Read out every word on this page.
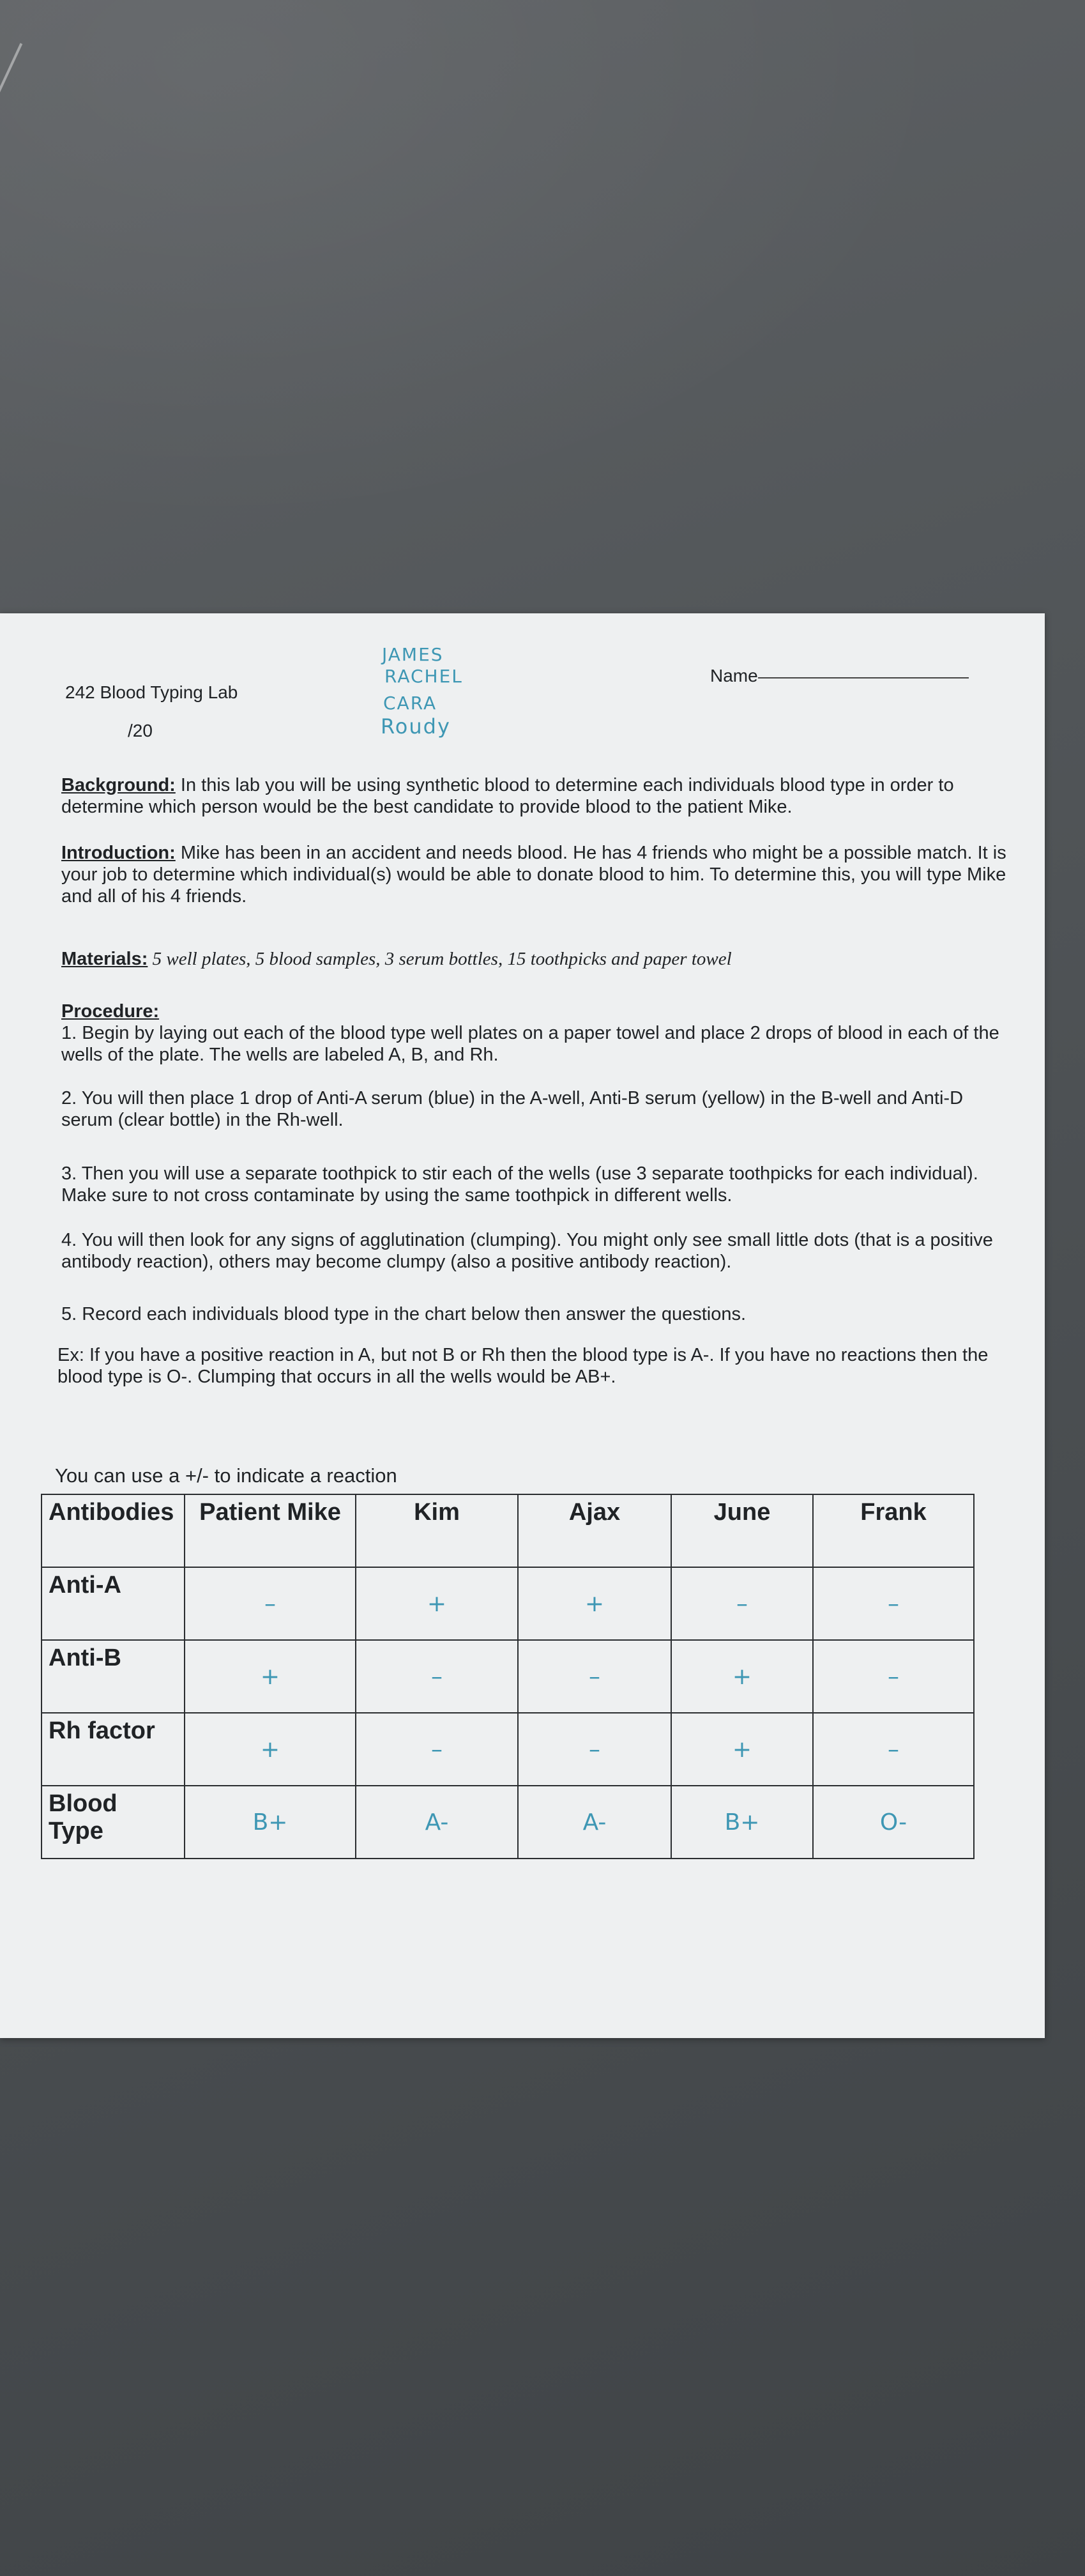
242 Blood Typing Lab

/20

Name

JAMES

RACHEL

CARA

Roudy

Background: In this lab you will be using synthetic blood to determine each individuals blood type in order to determine which person would be the best candidate to provide blood to the patient Mike.

Introduction: Mike has been in an accident and needs blood. He has 4 friends who might be a possible match. It is your job to determine which individual(s) would be able to donate blood to him. To determine this, you will type Mike and all of his 4 friends.

Materials: 5 well plates, 5 blood samples, 3 serum bottles, 15 toothpicks and paper towel

Procedure:

1. Begin by laying out each of the blood type well plates on a paper towel and place 2 drops of blood in each of the wells of the plate. The wells are labeled A, B, and Rh.

2. You will then place 1 drop of Anti-A serum (blue) in the A-well, Anti-B serum (yellow) in the B-well and Anti-D serum (clear bottle) in the Rh-well.

3. Then you will use a separate toothpick to stir each of the wells (use 3 separate toothpicks for each individual). Make sure to not cross contaminate by using the same toothpick in different wells.

4. You will then look for any signs of agglutination (clumping). You might only see small little dots (that is a positive antibody reaction), others may become clumpy (also a positive antibody reaction).

5. Record each individuals blood type in the chart below then answer the questions.

Ex: If you have a positive reaction in A, but not B or Rh then the blood type is A-. If you have no reactions then the blood type is O-. Clumping that occurs in all the wells would be AB+.

You can use a +/- to indicate a reaction

Antibodies	Patient Mike	Kim	Ajax	June	Frank
Anti-A	–	+	+	–	–
Anti-B	+	–	–	+	–
Rh factor	+	–	–	+	–
Blood Type	B+	A-	A-	B+	O-
